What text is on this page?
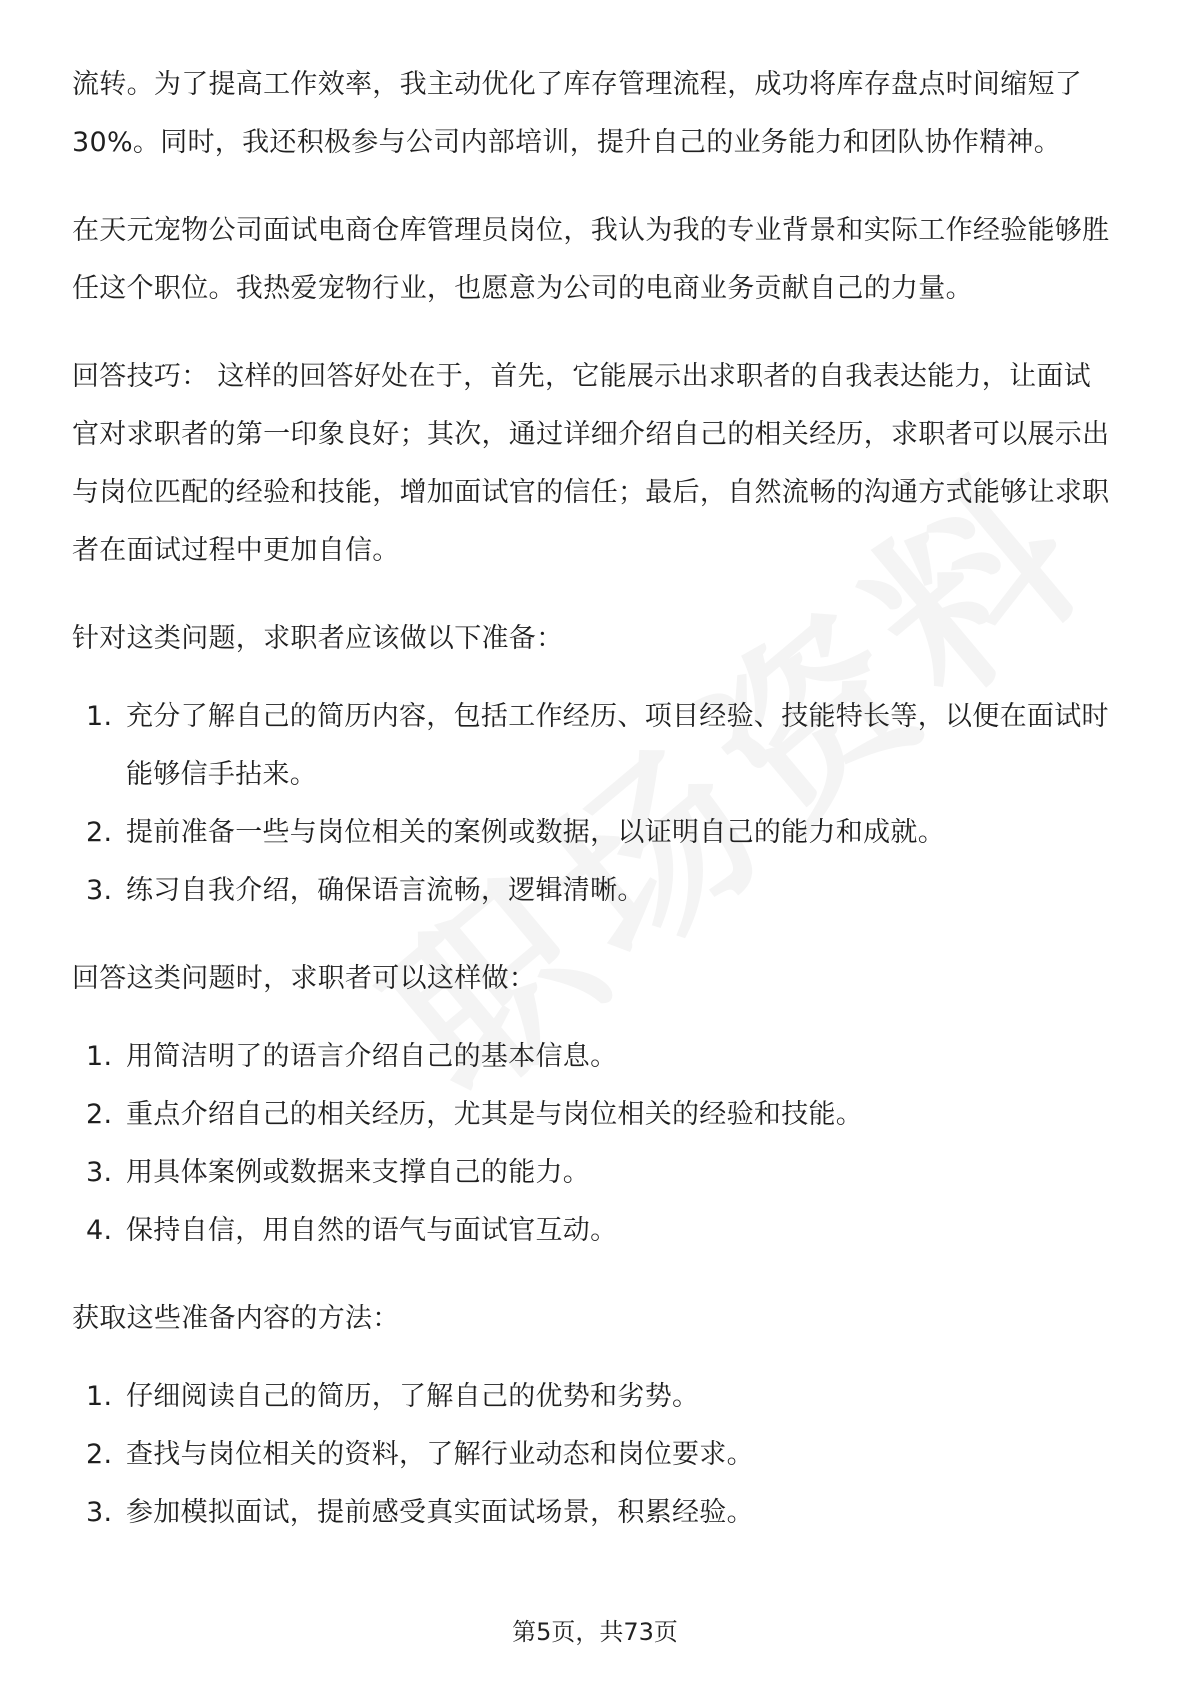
流转。为了提高工作效率，我主动优化了库存管理流程，成功将库存盘点时间缩短了30%。同时，我还积极参与公司内部培训，提升自己的业务能力和团队协作精神。

在天元宠物公司面试电商仓库管理员岗位，我认为我的专业背景和实际工作经验能够胜任这个职位。我热爱宠物行业，也愿意为公司的电商业务贡献自己的力量。

回答技巧： 这样的回答好处在于，首先，它能展示出求职者的自我表达能力，让面试官对求职者的第一印象良好；其次，通过详细介绍自己的相关经历，求职者可以展示出与岗位匹配的经验和技能，增加面试官的信任；最后，自然流畅的沟通方式能够让求职者在面试过程中更加自信。

针对这类问题，求职者应该做以下准备：

1. 充分了解自己的简历内容，包括工作经历、项目经验、技能特长等，以便在面试时能够信手拈来。
2. 提前准备一些与岗位相关的案例或数据，以证明自己的能力和成就。
3. 练习自我介绍，确保语言流畅，逻辑清晰。

回答这类问题时，求职者可以这样做：

1. 用简洁明了的语言介绍自己的基本信息。
2. 重点介绍自己的相关经历，尤其是与岗位相关的经验和技能。
3. 用具体案例或数据来支撑自己的能力。
4. 保持自信，用自然的语气与面试官互动。

获取这些准备内容的方法：

1. 仔细阅读自己的简历，了解自己的优势和劣势。
2. 查找与岗位相关的资料，了解行业动态和岗位要求。
3. 参加模拟面试，提前感受真实面试场景，积累经验。
第5页，共73页
